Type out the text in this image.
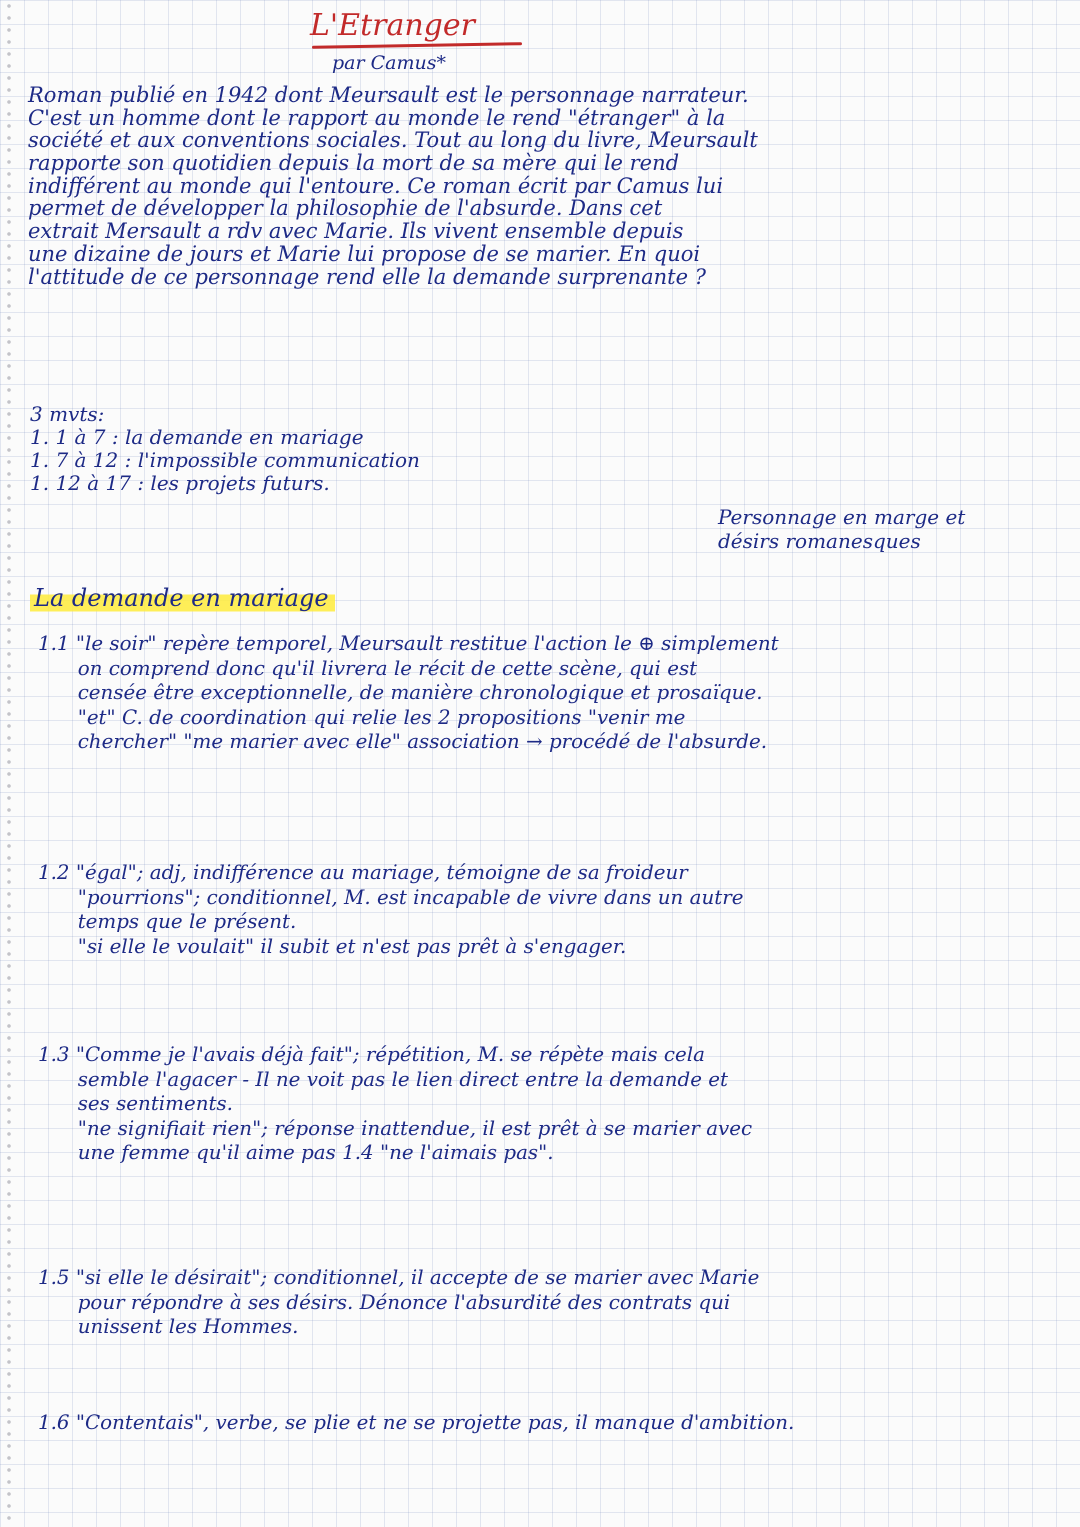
L'Etranger
par Camus*
Roman publié en 1942 dont Meursault est le personnage narrateur.
C'est un homme dont le rapport au monde le rend "étranger" à la
société et aux conventions sociales. Tout au long du livre, Meursault
rapporte son quotidien depuis la mort de sa mère qui le rend
indifférent au monde qui l'entoure. Ce roman écrit par Camus lui
permet de développer la philosophie de l'absurde. Dans cet
extrait Mersault a rdv avec Marie. Ils vivent ensemble depuis
une dizaine de jours et Marie lui propose de se marier. En quoi
l'attitude de ce personnage rend elle la demande surprenante ?
3 mvts:
1. 1 à 7 : la demande en mariage
1. 7 à 12 : l'impossible communication
1. 12 à 17 : les projets futurs.
Personnage en marge et
désirs romanesques
La demande en mariage
1.1 "le soir" repère temporel, Meursault restitue l'action le ⊕ simplement
on comprend donc qu'il livrera le récit de cette scène, qui est
censée être exceptionnelle, de manière chronologique et prosaïque.
"et" C. de coordination qui relie les 2 propositions "venir me
chercher" "me marier avec elle" association → procédé de l'absurde.
1.2 "égal"; adj, indifférence au mariage, témoigne de sa froideur
"pourrions"; conditionnel, M. est incapable de vivre dans un autre
temps que le présent.
"si elle le voulait" il subit et n'est pas prêt à s'engager.
1.3 "Comme je l'avais déjà fait"; répétition, M. se répète mais cela
semble l'agacer - Il ne voit pas le lien direct entre la demande et
ses sentiments.
"ne signifiait rien"; réponse inattendue, il est prêt à se marier avec
une femme qu'il aime pas 1.4 "ne l'aimais pas".
1.5 "si elle le désirait"; conditionnel, il accepte de se marier avec Marie
pour répondre à ses désirs. Dénonce l'absurdité des contrats qui
unissent les Hommes.
1.6 "Contentais", verbe, se plie et ne se projette pas, il manque d'ambition.
